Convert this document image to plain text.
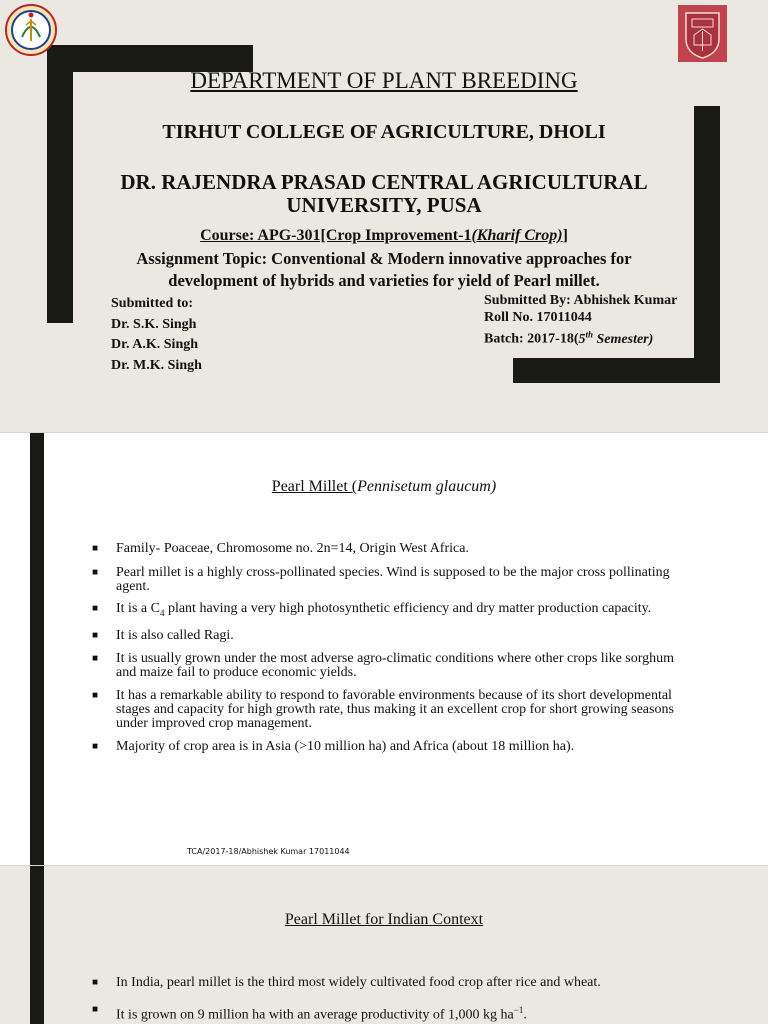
DEPARTMENT OF PLANT BREEDING
TIRHUT COLLEGE OF AGRICULTURE, DHOLI
DR. RAJENDRA PRASAD CENTRAL AGRICULTURAL
UNIVERSITY, PUSA
Course: APG-301[Crop Improvement-1(Kharif Crop)]
Assignment Topic: Conventional & Modern innovative approaches for
development of hybrids and varieties for yield of Pearl millet.
Submitted to:
Dr. S.K. Singh
Dr. A.K. Singh
Dr. M.K. Singh
Submitted By: Abhishek Kumar
Roll No. 17011044
Batch: 2017-18(5th Semester)
Pearl Millet (Pennisetum glaucum)
■ Family- Poaceae, Chromosome no. 2n=14, Origin West Africa.
■ Pearl millet is a highly cross-pollinated species. Wind is supposed to be the major cross pollinating agent.
■ It is a $C_4$ plant having a very high photosynthetic efficiency and dry matter production capacity.
■ It is also called Ragi.
■ It is usually grown under the most adverse agro-climatic conditions where other crops like sorghum and maize fail to produce economic yields.
■ It has a remarkable ability to respond to favorable environments because of its short developmental stages and capacity for high growth rate, thus making it an excellent crop for short growing seasons under improved crop management.
■ Majority of crop area is in Asia (>10 million ha) and Africa (about 18 million ha).
TCA/2017-18/Abhishek Kumar 17011044
Pearl Millet for Indian Context
■ In India, pearl millet is the third most widely cultivated food crop after rice and wheat.
■ It is grown on 9 million ha with an average productivity of 1,000 kg $ha^{-1}$.
